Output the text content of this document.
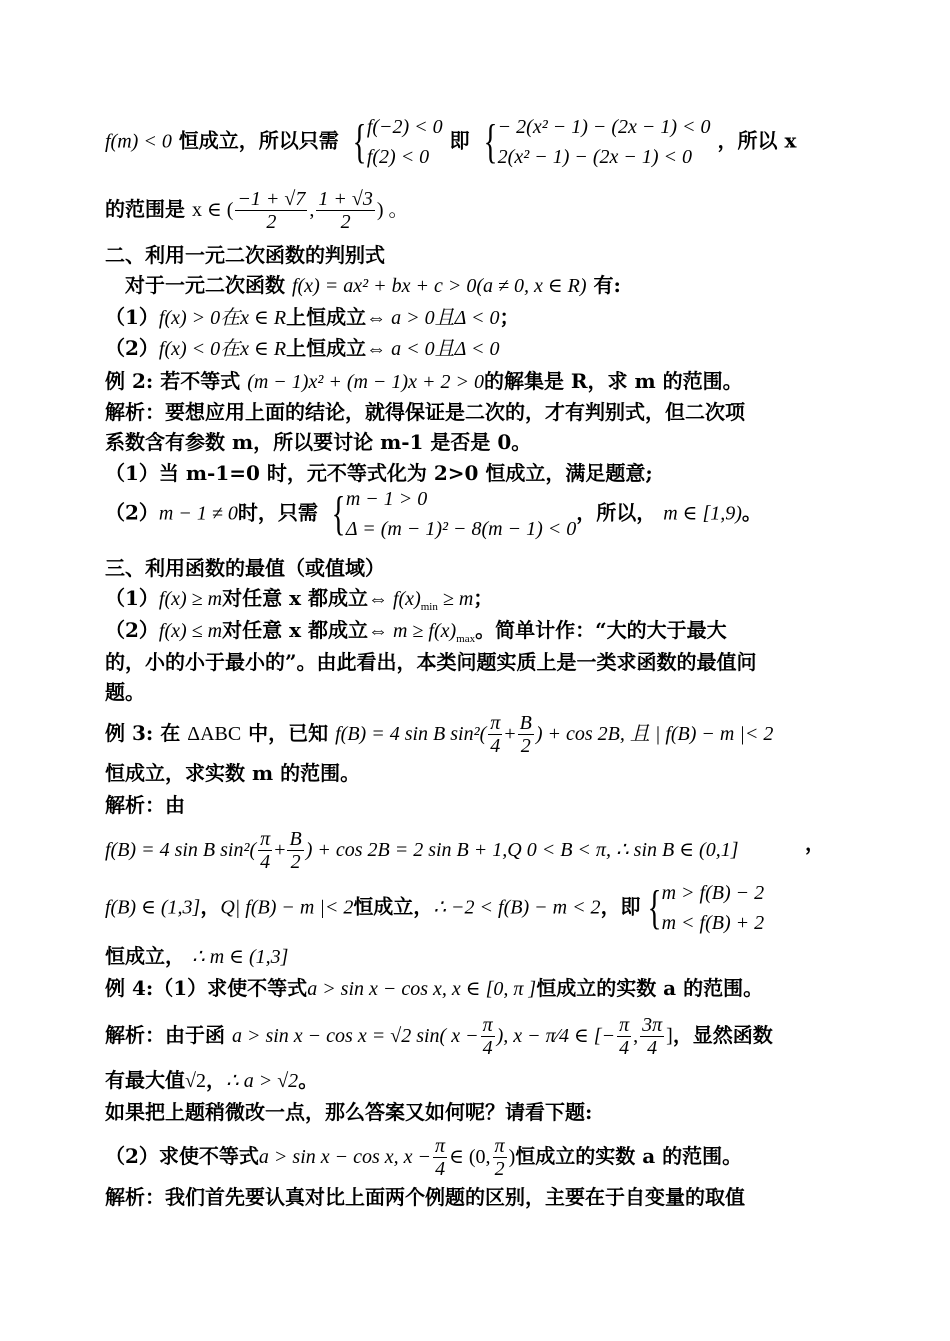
f(m) < 0 恒成立，所以只需 { f(−2) < 0
f(2) < 0
即 { − 2(x² − 1) − (2x − 1) < 0
2(x² − 1) − (2x − 1) < 0
，所以 x
的范围是 x ∈ ( $\frac{-1 + √7}{2}$ , $\frac{1 + √3}{2}$ ) 。
二、利用一元二次函数的判别式
对于一元二次函数 f(x) = ax² + bx + c > 0(a ≠ 0, x ∈ R) 有:
（1）f(x) > 0在x ∈ R上恒成立⇔ a > 0且Δ < 0；
（2）f(x) < 0在x ∈ R上恒成立⇔ a < 0且Δ < 0
例 2: 若不等式 (m − 1)x² + (m − 1)x + 2 > 0的解集是 R，求 m 的范围。
解析：要想应用上面的结论，就得保证是二次的，才有判别式，但二次项
系数含有参数 m，所以要讨论 m-1 是否是 0。
（1）当 m-1=0 时，元不等式化为 2>0 恒成立，满足题意;
（2）m − 1 ≠ 0时，只需 { m − 1 > 0
Δ = (m − 1)² − 8(m − 1) < 0
，所以， m ∈ [1,9)。
三、利用函数的最值（或值域）
（1）f(x) ≥ m对任意 x 都成立⇔ $f(x)_{min} \ge m$；
（2）f(x) ≤ m对任意 x 都成立⇔ $m \ge f(x)_{max}$。简单计作：“大的大于最大
的，小的小于最小的”。由此看出，本类问题实质上是一类求函数的最值问
题。
例 3: 在 ΔABC 中，已知 f(B) = 4 sin B $\sin^2( \frac{\pi}{4} + \frac{B}{2}$ ) + cos 2B, 且 | f(B) − m |< 2
恒成立，求实数 m 的范围。
解析：由
f(B) = 4 sin B $\sin^2( \frac{\pi}{4} + \frac{B}{2}$ ) + cos 2B = 2 sin B + 1,Q 0 < B < π, ∴ sin B ∈ (0,1]	，
f(B) ∈ (1,3]，Q| f(B) − m |< 2恒成立，∴ −2 < f(B) − m < 2，即 { m > f(B) − 2
m < f(B) + 2
恒成立， ∴ m ∈ (1,3]
例 4:（1）求使不等式a > sin x − cos x, x ∈ [0, π ]恒成立的实数 a 的范围。
解析：由于函 a > sin x − cos x = √2 sin( $x - \frac{\pi}{4}$ ), x − π⁄4 ∈ [− $\frac{\pi}{4}$ , $\frac{3\pi}{4}$ ]，显然函数
有最大值√2，∴ a > √2。
如果把上题稍微改一点，那么答案又如何呢？请看下题:
（2）求使不等式a > sin x − cos x, $x - \frac{\pi}{4}$ ∈ (0, $\frac{\pi}{2}$ )恒成立的实数 a 的范围。
解析：我们首先要认真对比上面两个例题的区别，主要在于自变量的取值
